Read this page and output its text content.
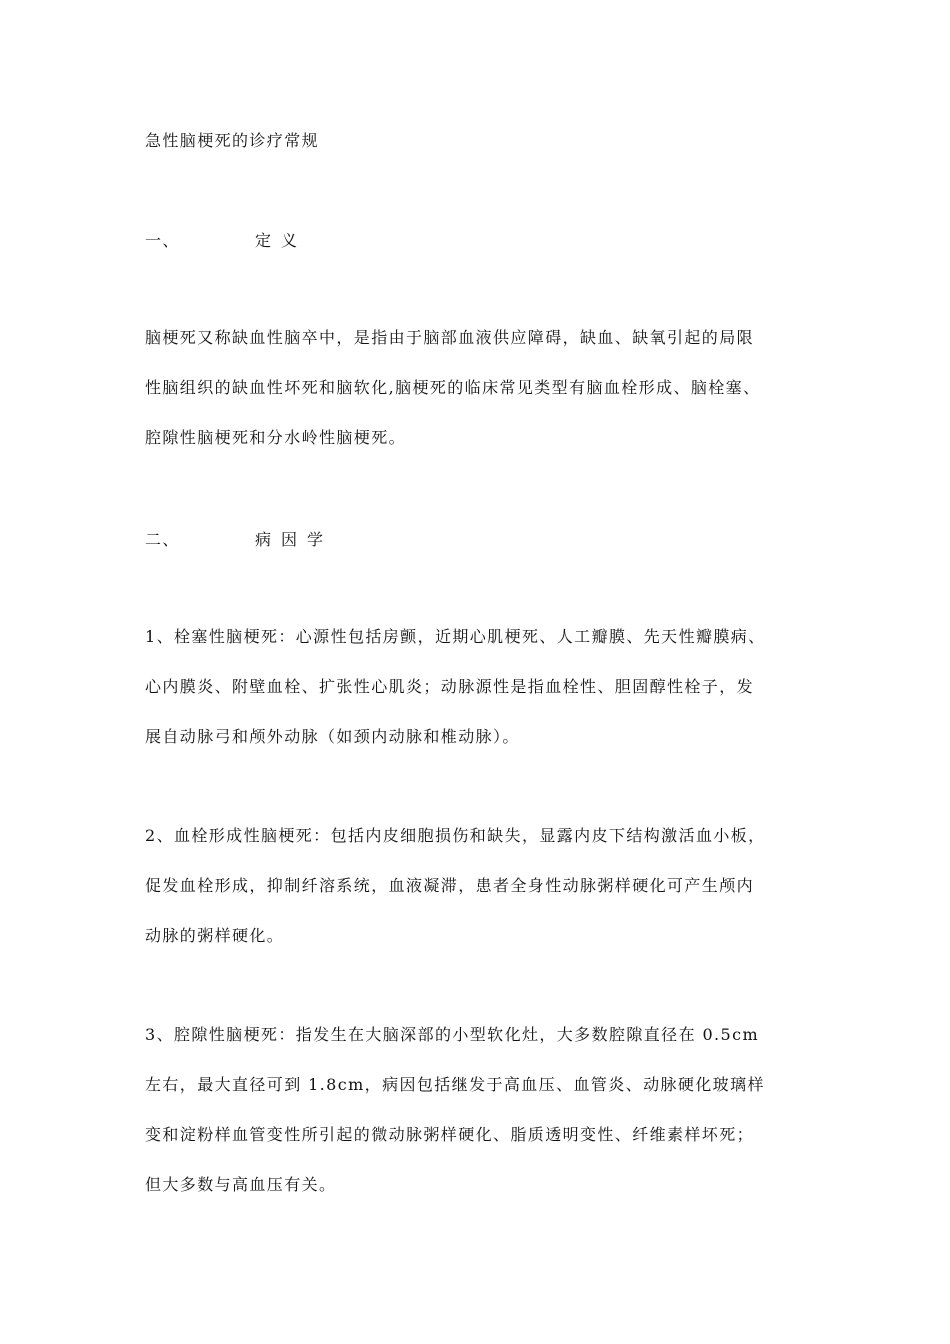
急性脑梗死的诊疗常规
一、	定义
脑梗死又称缺血性脑卒中，是指由于脑部血液供应障碍，缺血、缺氧引起的局限
性脑组织的缺血性坏死和脑软化,脑梗死的临床常见类型有脑血栓形成、脑栓塞、
腔隙性脑梗死和分水岭性脑梗死。
二、	病因学
1、栓塞性脑梗死：心源性包括房颤，近期心肌梗死、人工瓣膜、先天性瓣膜病、
心内膜炎、附壁血栓、扩张性心肌炎；动脉源性是指血栓性、胆固醇性栓子，发
展自动脉弓和颅外动脉（如颈内动脉和椎动脉）。
2、血栓形成性脑梗死：包括内皮细胞损伤和缺失，显露内皮下结构激活血小板，
促发血栓形成，抑制纤溶系统，血液凝滞，患者全身性动脉粥样硬化可产生颅内
动脉的粥样硬化。
3、腔隙性脑梗死：指发生在大脑深部的小型软化灶，大多数腔隙直径在 0.5cm
左右，最大直径可到 1.8cm，病因包括继发于高血压、血管炎、动脉硬化玻璃样
变和淀粉样血管变性所引起的微动脉粥样硬化、脂质透明变性、纤维素样坏死；
但大多数与高血压有关。
